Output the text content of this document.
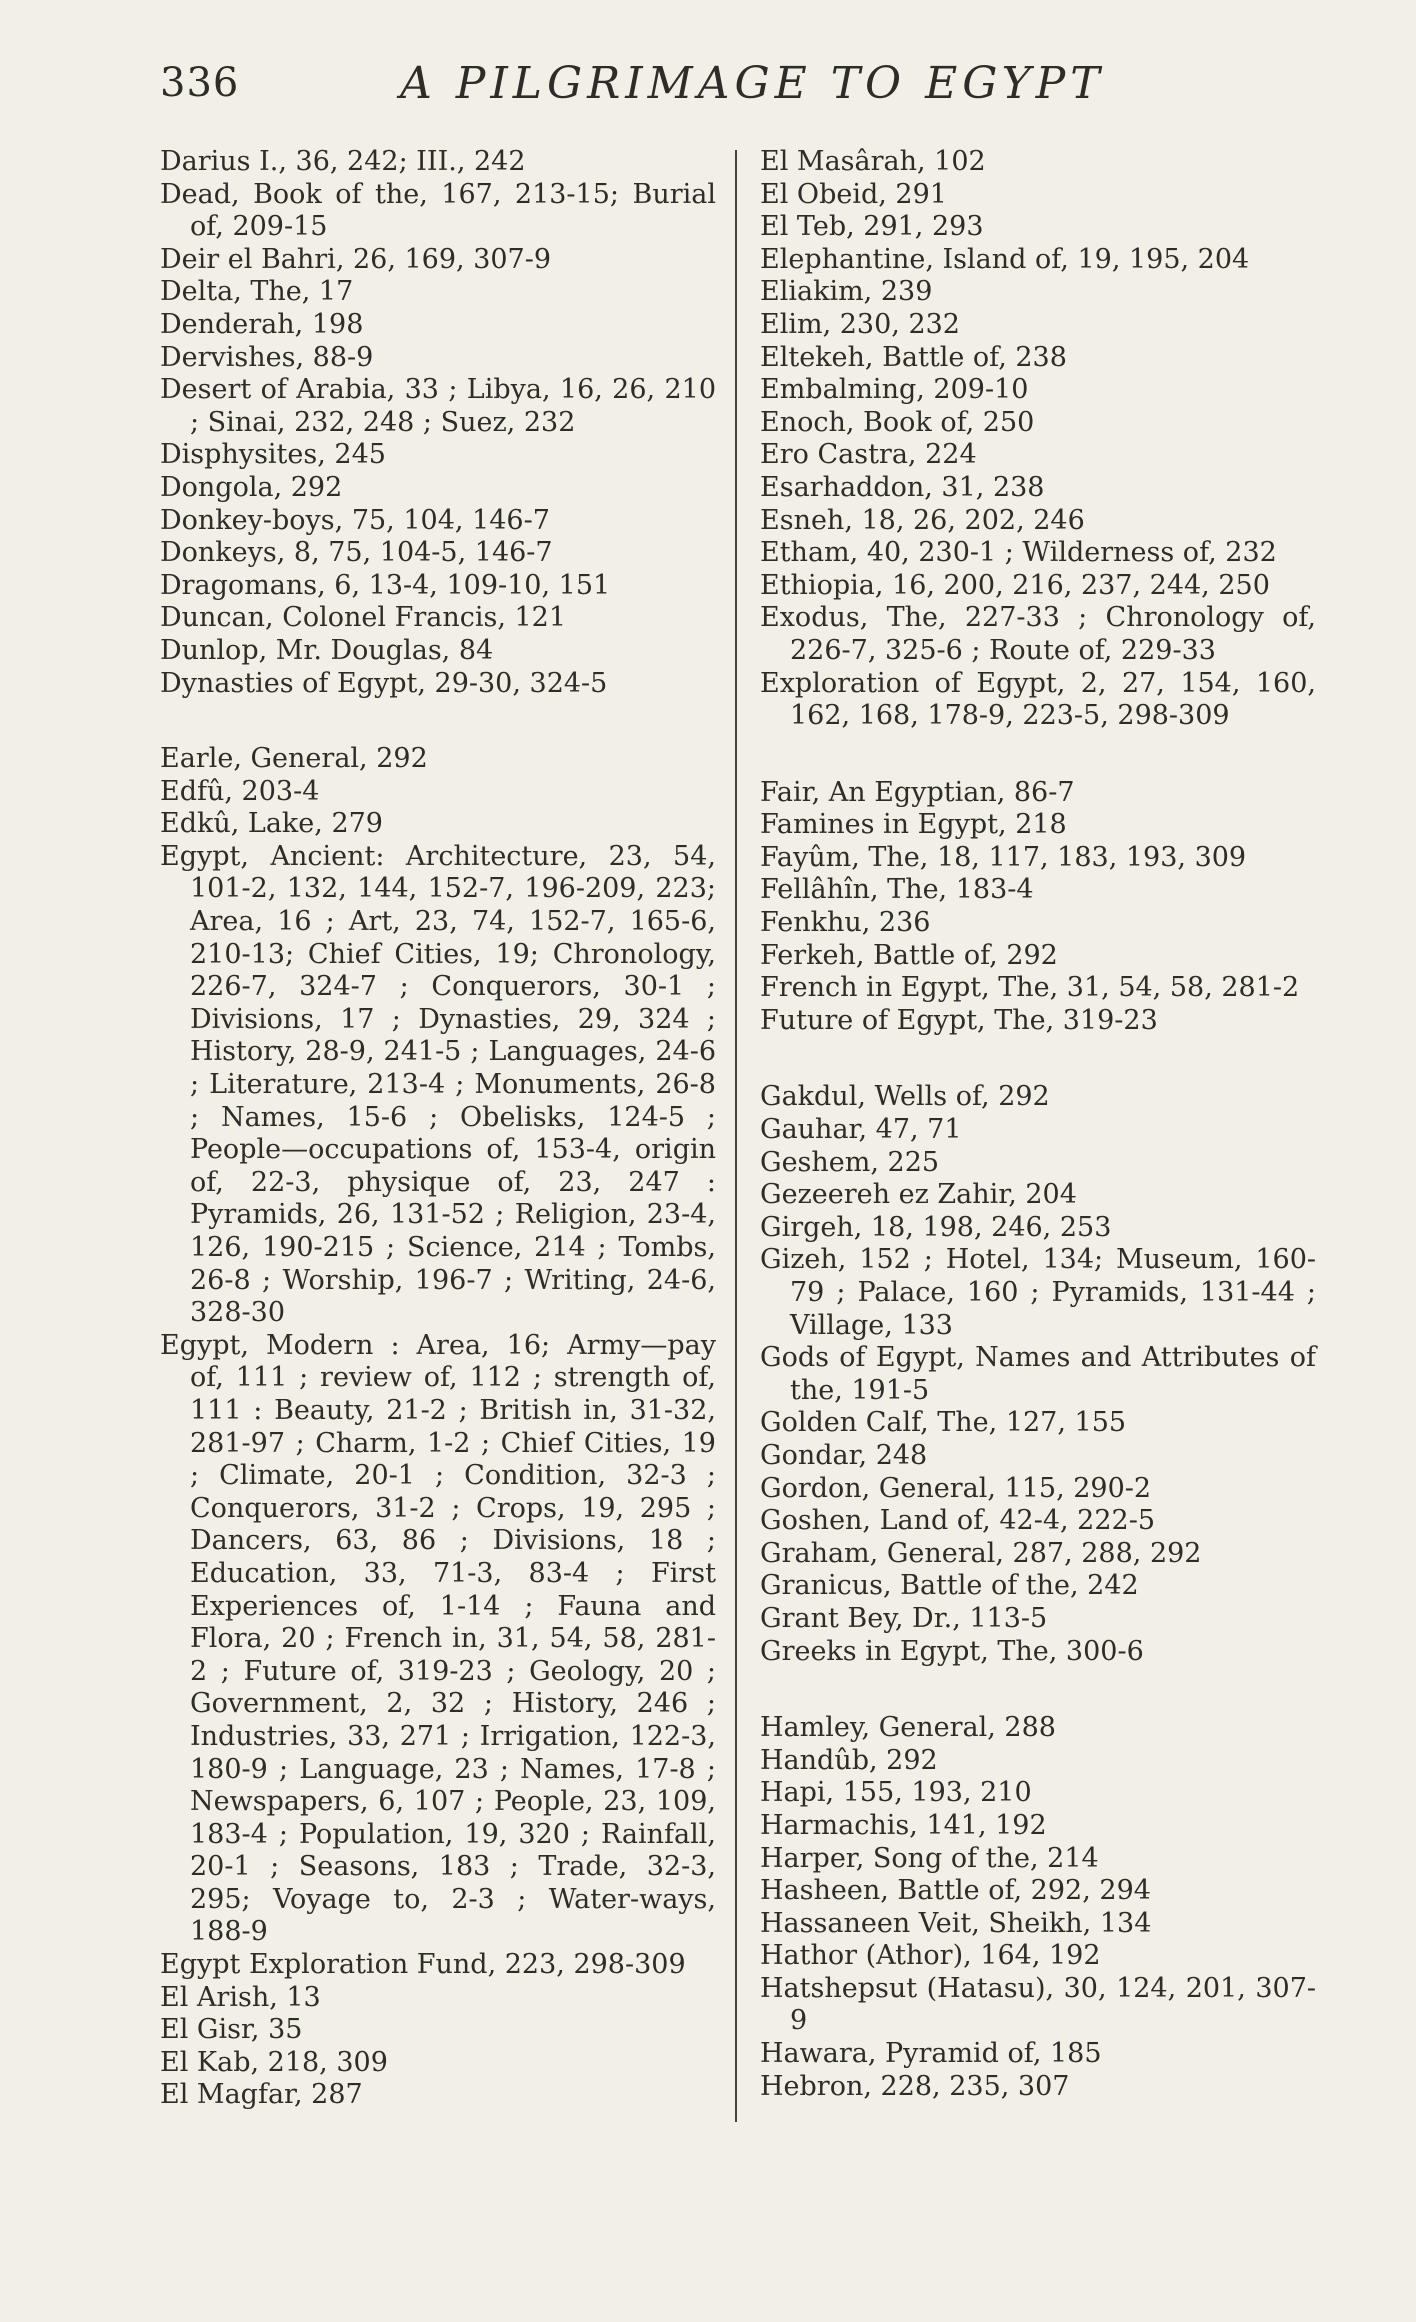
336	A PILGRIMAGE TO EGYPT
Darius I., 36, 242; III., 242
Dead, Book of the, 167, 213-15; Burial of, 209-15
Deir el Bahri, 26, 169, 307-9
Delta, The, 17
Denderah, 198
Dervishes, 88-9
Desert of Arabia, 33 ; Libya, 16, 26, 210 ; Sinai, 232, 248 ; Suez, 232
Disphysites, 245
Dongola, 292
Donkey-boys, 75, 104, 146-7
Donkeys, 8, 75, 104-5, 146-7
Dragomans, 6, 13-4, 109-10, 151
Duncan, Colonel Francis, 121
Dunlop, Mr. Douglas, 84
Dynasties of Egypt, 29-30, 324-5
Earle, General, 292
Edfû, 203-4
Edkû, Lake, 279
Egypt, Ancient: Architecture, 23, 54, 101-2, 132, 144, 152-7, 196-209, 223; Area, 16 ; Art, 23, 74, 152-7, 165-6, 210-13; Chief Cities, 19; Chronology, 226-7, 324-7 ; Conquerors, 30-1 ; Divisions, 17 ; Dynasties, 29, 324 ; History, 28-9, 241-5 ; Languages, 24-6 ; Literature, 213-4 ; Monuments, 26-8 ; Names, 15-6 ; Obelisks, 124-5 ; People—occupations of, 153-4, origin of, 22-3, physique of, 23, 247 : Pyramids, 26, 131-52 ; Religion, 23-4, 126, 190-215 ; Science, 214 ; Tombs, 26-8 ; Worship, 196-7 ; Writing, 24-6, 328-30
Egypt, Modern : Area, 16; Army—pay of, 111 ; review of, 112 ; strength of, 111 : Beauty, 21-2 ; British in, 31-32, 281-97 ; Charm, 1-2 ; Chief Cities, 19 ; Climate, 20-1 ; Condition, 32-3 ; Conquerors, 31-2 ; Crops, 19, 295 ; Dancers, 63, 86 ; Divisions, 18 ; Education, 33, 71-3, 83-4 ; First Experiences of, 1-14 ; Fauna and Flora, 20 ; French in, 31, 54, 58, 281-2 ; Future of, 319-23 ; Geology, 20 ; Government, 2, 32 ; History, 246 ; Industries, 33, 271 ; Irrigation, 122-3, 180-9 ; Language, 23 ; Names, 17-8 ; Newspapers, 6, 107 ; People, 23, 109, 183-4 ; Population, 19, 320 ; Rainfall, 20-1 ; Seasons, 183 ; Trade, 32-3, 295; Voyage to, 2-3 ; Water-ways, 188-9
Egypt Exploration Fund, 223, 298-309
El Arish, 13
El Gisr, 35
El Kab, 218, 309
El Magfar, 287
El Masârah, 102
El Obeid, 291
El Teb, 291, 293
Elephantine, Island of, 19, 195, 204
Eliakim, 239
Elim, 230, 232
Eltekeh, Battle of, 238
Embalming, 209-10
Enoch, Book of, 250
Ero Castra, 224
Esarhaddon, 31, 238
Esneh, 18, 26, 202, 246
Etham, 40, 230-1 ; Wilderness of, 232
Ethiopia, 16, 200, 216, 237, 244, 250
Exodus, The, 227-33 ; Chronology of, 226-7, 325-6 ; Route of, 229-33
Exploration of Egypt, 2, 27, 154, 160, 162, 168, 178-9, 223-5, 298-309
Fair, An Egyptian, 86-7
Famines in Egypt, 218
Fayûm, The, 18, 117, 183, 193, 309
Fellâhîn, The, 183-4
Fenkhu, 236
Ferkeh, Battle of, 292
French in Egypt, The, 31, 54, 58, 281-2
Future of Egypt, The, 319-23
Gakdul, Wells of, 292
Gauhar, 47, 71
Geshem, 225
Gezeereh ez Zahir, 204
Girgeh, 18, 198, 246, 253
Gizeh, 152 ; Hotel, 134; Museum, 160-79 ; Palace, 160 ; Pyramids, 131-44 ; Village, 133
Gods of Egypt, Names and Attributes of the, 191-5
Golden Calf, The, 127, 155
Gondar, 248
Gordon, General, 115, 290-2
Goshen, Land of, 42-4, 222-5
Graham, General, 287, 288, 292
Granicus, Battle of the, 242
Grant Bey, Dr., 113-5
Greeks in Egypt, The, 300-6
Hamley, General, 288
Handûb, 292
Hapi, 155, 193, 210
Harmachis, 141, 192
Harper, Song of the, 214
Hasheen, Battle of, 292, 294
Hassaneen Veit, Sheikh, 134
Hathor (Athor), 164, 192
Hatshepsut (Hatasu), 30, 124, 201, 307-9
Hawara, Pyramid of, 185
Hebron, 228, 235, 307
